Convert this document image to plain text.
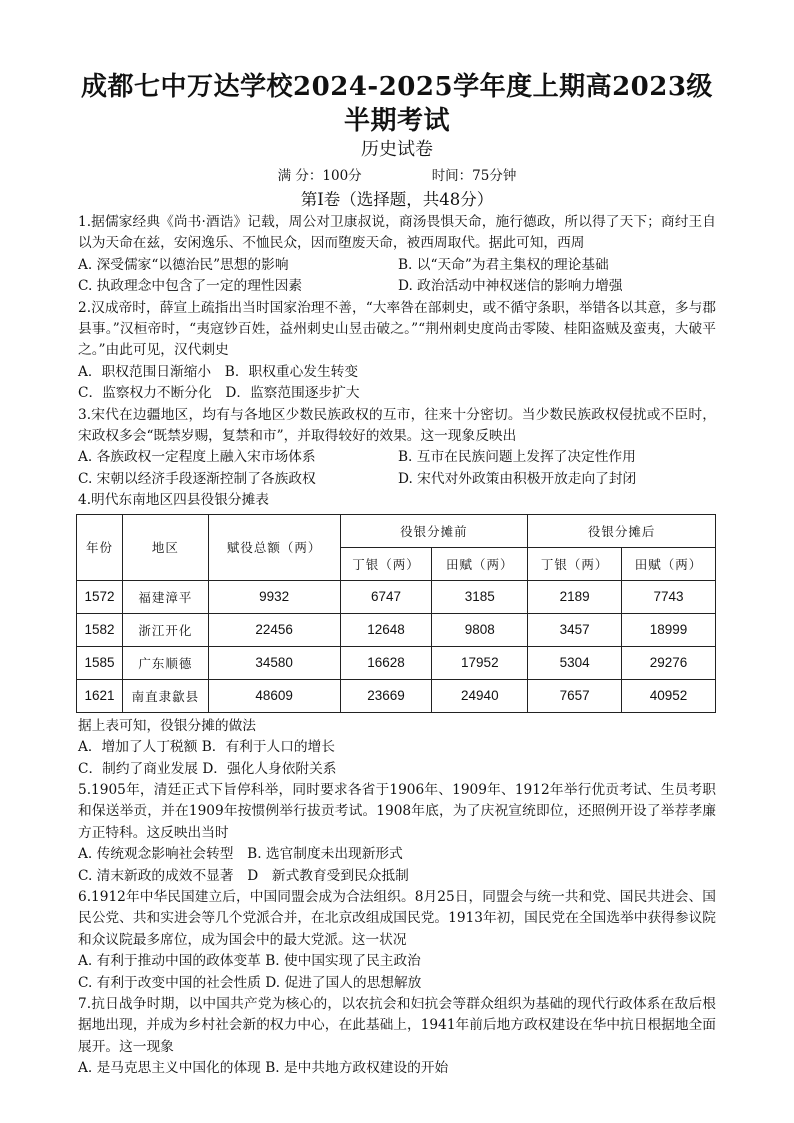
成都七中万达学校2024-2025学年度上期高2023级半期考试
历史试卷
满 分：100分	时间：75分钟
第Ⅰ卷（选择题，共48分）
1.据儒家经典《尚书·酒诰》记载，周公对卫康叔说，商汤畏惧天命，施行德政，所以得了天下；商纣王自以为天命在兹，安闲逸乐、不恤民众，因而堕废天命，被西周取代。据此可知，西周
A. 深受儒家“以德治民”思想的影响	B. 以“天命”为君主集权的理论基础
C. 执政理念中包含了一定的理性因素	D. 政治活动中神权迷信的影响力增强
2.汉成帝时，薛宣上疏指出当时国家治理不善，“大率咎在部刺史，或不循守条职，举错各以其意，多与郡县事。”汉桓帝时，“夷寇钞百姓，益州刺史山昱击破之。”“荆州刺史度尚击零陵、桂阳盗贼及蛮夷，大破平之。”由此可见，汉代刺史
A．职权范围日渐缩小　B．职权重心发生转变
C．监察权力不断分化　D．监察范围逐步扩大
3.宋代在边疆地区，均有与各地区少数民族政权的互市，往来十分密切。当少数民族政权侵扰或不臣时，宋政权多会“既禁岁赐，复禁和市”，并取得较好的效果。这一现象反映出
A. 各族政权一定程度上融入宋市场体系	B. 互市在民族问题上发挥了决定性作用
C. 宋朝以经济手段逐渐控制了各族政权	D. 宋代对外政策由积极开放走向了封闭
4.明代东南地区四县役银分摊表
年份	地区	赋役总额（两）	役银分摊前		役银分摊后	
			丁银（两）	田赋（两）	丁银（两）	田赋（两）
1572	福建漳平	9932	6747	3185	2189	7743
1582	浙江开化	22456	12648	9808	3457	18999
1585	广东顺德	34580	16628	17952	5304	29276
1621	南直隶歙县	48609	23669	24940	7657	40952
据上表可知，役银分摊的做法
A．增加了人丁税额 B．有利于人口的增长
C．制约了商业发展 D．强化人身依附关系
5.1905年，清廷正式下旨停科举，同时要求各省于1906年、1909年、1912年举行优贡考试、生员考职和保送举贡，并在1909年按惯例举行拔贡考试。1908年底，为了庆祝宣统即位，还照例开设了举荐孝廉方正特科。这反映出当时
A. 传统观念影响社会转型　B. 选官制度未出现新形式
C. 清末新政的成效不显著　D　新式教育受到民众抵制
6.1912年中华民国建立后，中国同盟会成为合法组织。8月25日，同盟会与统一共和党、国民共进会、国民公党、共和实进会等几个党派合并，在北京改组成国民党。1913年初，国民党在全国选举中获得参议院和众议院最多席位，成为国会中的最大党派。这一状况
A. 有利于推动中国的政体变革 B. 使中国实现了民主政治
C. 有利于改变中国的社会性质 D. 促进了国人的思想解放
7.抗日战争时期，以中国共产党为核心的，以农抗会和妇抗会等群众组织为基础的现代行政体系在敌后根据地出现，并成为乡村社会新的权力中心，在此基础上，1941年前后地方政权建设在华中抗日根据地全面展开。这一现象
A. 是马克思主义中国化的体现 B. 是中共地方政权建设的开始
